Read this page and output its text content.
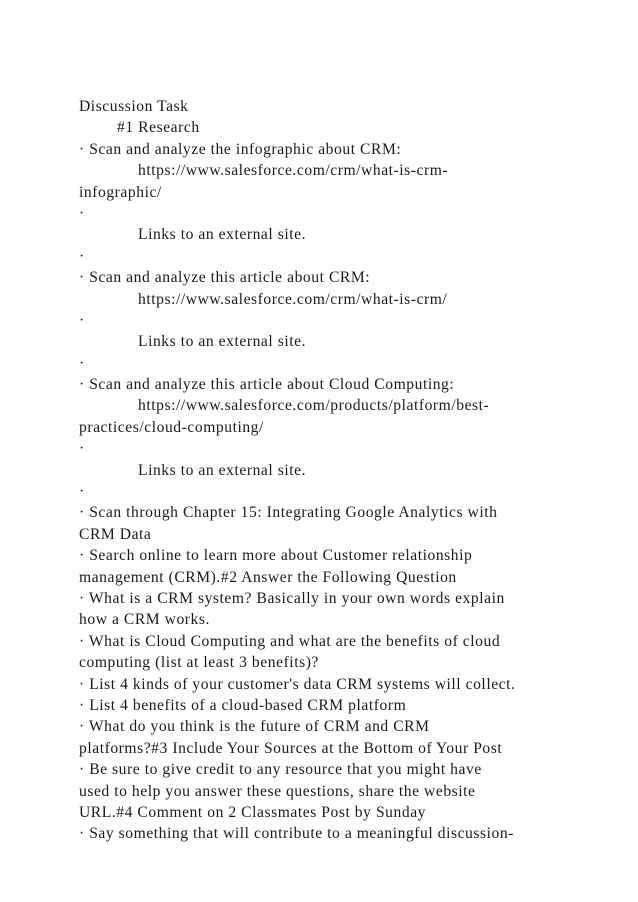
Discussion Task
#1 Research
· Scan and analyze the infographic about CRM:
https://www.salesforce.com/crm/what-is-crm-
infographic/
·
Links to an external site.
·
· Scan and analyze this article about CRM:
https://www.salesforce.com/crm/what-is-crm/
·
Links to an external site.
·
· Scan and analyze this article about Cloud Computing:
https://www.salesforce.com/products/platform/best-
practices/cloud-computing/
·
Links to an external site.
·
· Scan through Chapter 15: Integrating Google Analytics with
CRM Data
· Search online to learn more about Customer relationship
management (CRM).#2 Answer the Following Question
· What is a CRM system? Basically in your own words explain
how a CRM works.
· What is Cloud Computing and what are the benefits of cloud
computing (list at least 3 benefits)?
· List 4 kinds of your customer's data CRM systems will collect.
· List 4 benefits of a cloud-based CRM platform
· What do you think is the future of CRM and CRM
platforms?#3 Include Your Sources at the Bottom of Your Post
· Be sure to give credit to any resource that you might have
used to help you answer these questions, share the website
URL.#4 Comment on 2 Classmates Post by Sunday
· Say something that will contribute to a meaningful discussion-
